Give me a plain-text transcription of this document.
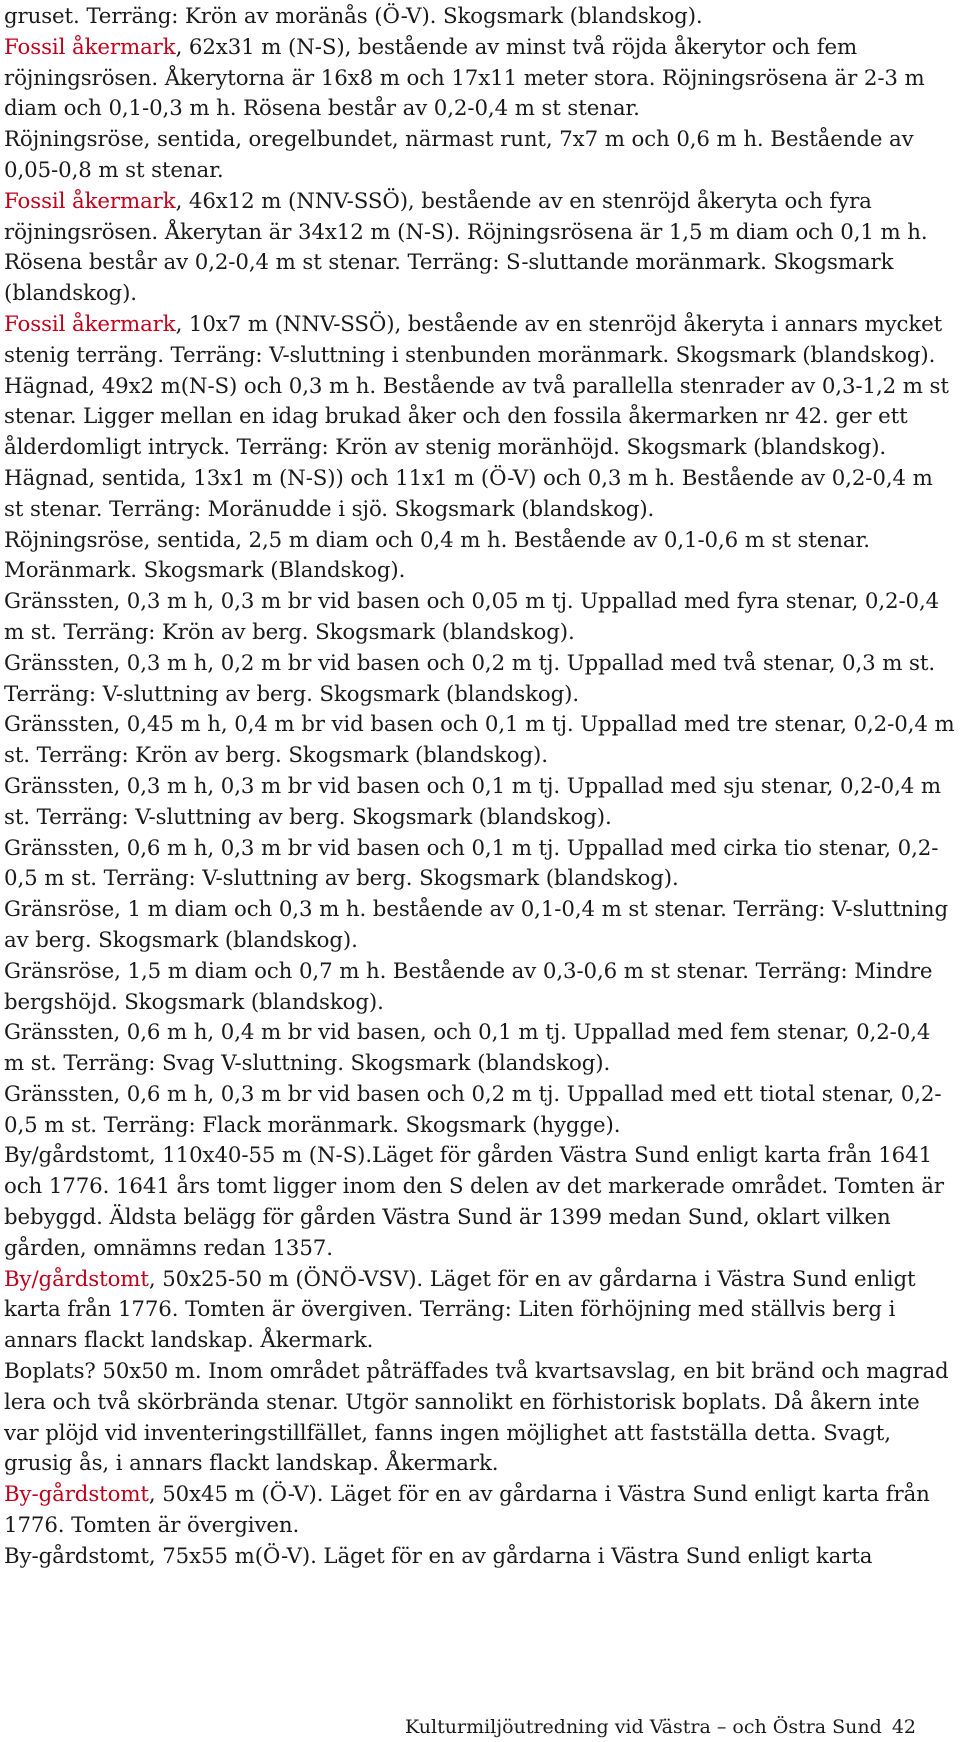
gruset. Terräng: Krön av moränås (Ö-V). Skogsmark (blandskog).

Fossil åkermark, 62x31 m (N-S), bestående av minst två röjda åkerytor och fem röjningsrösen. Åkerytorna är 16x8 m och 17x11 meter stora. Röjningsrösena är 2-3 m diam och 0,1-0,3 m h. Rösena består av 0,2-0,4 m st stenar.

Röjningsröse, sentida, oregelbundet, närmast runt, 7x7 m och 0,6 m h. Bestående av 0,05-0,8 m st stenar.

Fossil åkermark, 46x12 m (NNV-SSÖ), bestående av en stenröjd åkeryta och fyra röjningsrösen. Åkerytan är 34x12 m (N-S). Röjningsrösena är 1,5 m diam och 0,1 m h. Rösena består av 0,2-0,4 m st stenar. Terräng: S-sluttande moränmark. Skogsmark (blandskog).

Fossil åkermark, 10x7 m (NNV-SSÖ), bestående av en stenröjd åkeryta i annars mycket stenig terräng. Terräng: V-sluttning i stenbunden moränmark. Skogsmark (blandskog).

Hägnad, 49x2 m(N-S) och 0,3 m h. Bestående av två parallella stenrader av 0,3-1,2 m st stenar. Ligger mellan en idag brukad åker och den fossila åkermarken nr 42. ger ett ålderdomligt intryck. Terräng: Krön av stenig moränhöjd. Skogsmark (blandskog).

Hägnad, sentida, 13x1 m (N-S)) och 11x1 m (Ö-V) och 0,3 m h. Bestående av 0,2-0,4 m st stenar. Terräng: Moränudde i sjö. Skogsmark (blandskog).

Röjningsröse, sentida, 2,5 m diam och 0,4 m h. Bestående av 0,1-0,6 m st stenar. Moränmark. Skogsmark (Blandskog).

Gränssten, 0,3 m h, 0,3 m br vid basen och 0,05 m tj. Uppallad med fyra stenar, 0,2-0,4 m st. Terräng: Krön av berg. Skogsmark (blandskog).

Gränssten, 0,3 m h, 0,2 m br vid basen och 0,2 m tj. Uppallad med två stenar, 0,3 m st. Terräng: V-sluttning av berg. Skogsmark (blandskog).

Gränssten, 0,45 m h, 0,4 m br vid basen och 0,1 m tj. Uppallad med tre stenar, 0,2-0,4 m st. Terräng: Krön av berg. Skogsmark (blandskog).

Gränssten, 0,3 m h, 0,3 m br vid basen och 0,1 m tj. Uppallad med sju stenar, 0,2-0,4 m st. Terräng: V-sluttning av berg. Skogsmark (blandskog).

Gränssten, 0,6 m h, 0,3 m br vid basen och 0,1 m tj. Uppallad med cirka tio stenar, 0,2-0,5 m st. Terräng: V-sluttning av berg. Skogsmark (blandskog).

Gränsröse, 1 m diam och 0,3 m h. bestående av 0,1-0,4 m st stenar. Terräng: V-sluttning av berg. Skogsmark (blandskog).

Gränsröse, 1,5 m diam och 0,7 m h. Bestående av 0,3-0,6 m st stenar. Terräng: Mindre bergshöjd. Skogsmark (blandskog).

Gränssten, 0,6 m h, 0,4 m br vid basen, och 0,1 m tj. Uppallad med fem stenar, 0,2-0,4 m st. Terräng: Svag V-sluttning. Skogsmark (blandskog).

Gränssten, 0,6 m h, 0,3 m br vid basen och 0,2 m tj. Uppallad med ett tiotal stenar, 0,2-0,5 m st. Terräng: Flack moränmark. Skogsmark (hygge).

By/gårdstomt, 110x40-55 m (N-S).Läget för gården Västra Sund enligt karta från 1641 och 1776. 1641 års tomt ligger inom den S delen av det markerade området. Tomten är bebyggd. Äldsta belägg för gården Västra Sund är 1399 medan Sund, oklart vilken gården, omnämns redan 1357.

By/gårdstomt, 50x25-50 m (ÖNÖ-VSV). Läget för en av gårdarna i Västra Sund enligt karta från 1776. Tomten är övergiven. Terräng: Liten förhöjning med ställvis berg i annars flackt landskap. Åkermark.

Boplats? 50x50 m. Inom området påträffades två kvartsavslag, en bit bränd och magrad lera och två skörbrända stenar. Utgör sannolikt en förhistorisk boplats. Då åkern inte var plöjd vid inventeringstillfället, fanns ingen möjlighet att fastställa detta. Svagt, grusig ås, i annars flackt landskap. Åkermark.

By-gårdstomt, 50x45 m (Ö-V). Läget för en av gårdarna i Västra Sund enligt karta från 1776. Tomten är övergiven.

By-gårdstomt, 75x55 m(Ö-V). Läget för en av gårdarna i Västra Sund enligt karta

Kulturmiljöutredning vid Västra – och Östra Sund 42
